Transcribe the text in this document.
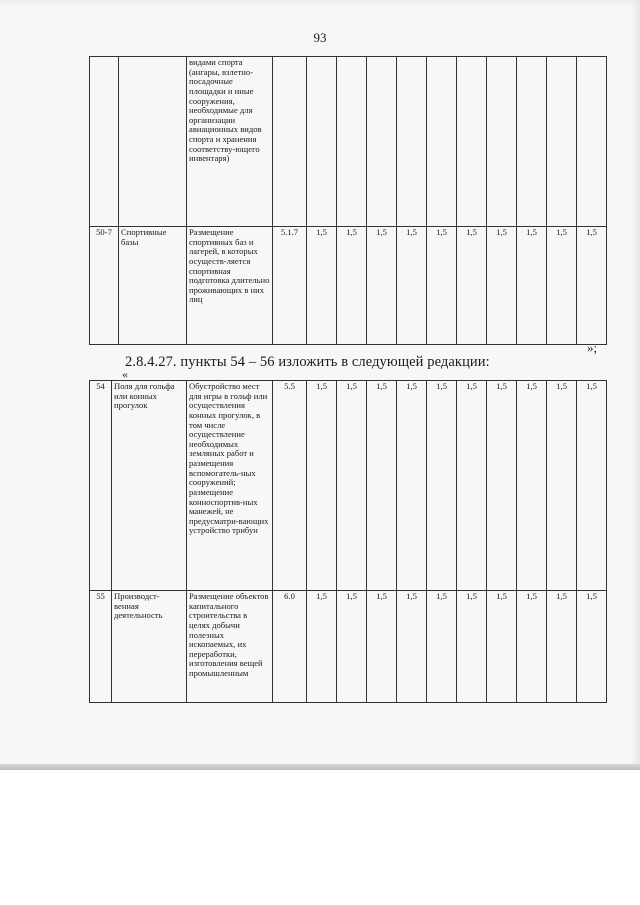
93
		видами спорта (ангары, взлетно-посадочные площадки и иные сооружения, необходимые для организации авиационных видов спорта и хранения соответству-ющего инвентаря)											
50-7	Спортивные базы	Размещение спортивных баз и лагерей, в которых осуществ-ляется спортивная подготовка длительно проживающих в них лиц	5.1.7	1,5	1,5	1,5	1,5	1,5	1,5	1,5	1,5	1,5	1,5
»;
2.8.4.27. пункты 54 – 56 изложить в следующей редакции:
«
54	Поля для гольфа или конных прогулок	Обустройство мест для игры в гольф или осуществления конных прогулок, в том числе осуществление необходимых земляных работ и размещения вспомогатель-ных сооружений; размещение конноспортив-ных манежей, не предусматри-вающих устройство трибун	5.5	1,5	1,5	1,5	1,5	1,5	1,5	1,5	1,5	1,5	1,5
55	Производст-венная деятельность	Размещение объектов капитального строительства в целях добычи полезных ископаемых, их переработки, изготовления вещей промышленным	6.0	1,5	1,5	1,5	1,5	1,5	1,5	1,5	1,5	1,5	1,5
